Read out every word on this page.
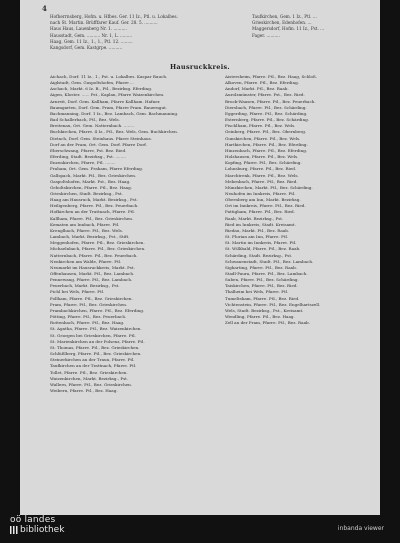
4
Hofherrnsberg, Hofm. u. Hfbes. Ger. 11 Iz., Ptl. u. Lokalbes.
nach St. Martin. Brüfffarer Kauf. Ger. 28. 5. ..........
Haus Haus, Lauenberg Nr. 1. ..........
Hausstadt, Gem. .......... Nr. 1, L. .........
Haag, Gem. 11 Iz., 1., 1., Ptl. 12. .........
Kangsdorf, Gem. Kastgrpe. ..........
Taufkirchen, Gem. 1 Iz., Ptl. ...
Grieskirchen, Edenhofen. ...
Maggersdorf, Hofm. 11 Iz., Pst. ...
Fager. ..........
Hausruckkreis.
Aichach, Dorf. 11 Iz., 1., Pst. u. Lokalbes. Kaspar Rauch.
Aiglstadt, Gem. Gaspoltshofen, Pfarre ...
Aschach, Markt. 6 Iz. B., Ptl., Bezirksg. Eferding.
Aigen, Kloster. ...... Pst., Kaplan, Pfarre Waizenkirchen.
Arnreit, Dorf. Gem. Kallham, Pfarre Kallham. Hafner.
Baumgarten, Dorf. Gem. Pram, Pfarre Pram. Bauerngut.
Bachmanning, Dorf. 1 Iz., Bez. Lambach, Gem. Bachmanning.
Bad Schallerbach, Ptl., Bez. Wels.
Breitenau, Ort. Gem. Natternbach. ........
Buchkirchen, Pfarre. 4 Iz., Ptl., Bez. Wels, Gem. Buchkirchen.
Dietach, Dorf. Gem. Steinhaus. Pfarre Steinhaus.
Dorf an der Pram, Ort. Gem. Dorf. Pfarre Dorf.
Eberschwang, Pfarre, Pst. Bez. Ried.
Eferding, Stadt. Bezirksg., Pst. ........
Enzenkirchen, Pfarre, Ptl. ........
Fraham, Ort. Gem. Fraham, Pfarre Eferding.
Gallspach, Markt. Ptl., Bez. Grieskirchen.
Gaspoltshofen, Markt. Pst., Bez. Haag.
Geboltskirchen, Pfarre. Ptl., Bez. Haag.
Grieskirchen, Stadt. Bezirksg., Pst.
Haag am Hausruck, Markt. Bezirksg., Pst.
Heiligenberg, Pfarre. Ptl., Bez. Peuerbach.
Hofkirchen an der Trattnach, Pfarre. Ptl.
Kallham, Pfarre. Ptl., Bez. Grieskirchen.
Kematen am Innbach, Pfarre. Ptl.
Krenglbach, Pfarre. Ptl., Bez. Wels.
Lambach, Markt. Bezirksg., Pst., Stift.
Meggenhofen, Pfarre. Ptl., Bez. Grieskirchen.
Michaelnbach, Pfarre. Ptl., Bez. Grieskirchen.
Natternbach, Pfarre. Ptl., Bez. Peuerbach.
Neukirchen am Walde, Pfarre. Ptl.
Neumarkt im Hausruckkreis, Markt. Pst.
Offenhausen, Markt. Ptl., Bez. Lambach.
Pennewang, Pfarre. Ptl., Bez. Lambach.
Peuerbach, Markt. Bezirksg., Pst.
Pichl bei Wels, Pfarre. Ptl.
Pollham, Pfarre. Ptl., Bez. Grieskirchen.
Pram, Pfarre. Ptl., Bez. Grieskirchen.
Prambachkirchen, Pfarre. Ptl., Bez. Eferding.
Pötting, Pfarre. Ptl., Bez. Peuerbach.
Rottenbach, Pfarre. Ptl., Bez. Haag.
St. Agatha, Pfarre. Ptl., Bez. Waizenkirchen.
St. Georgen bei Grieskirchen, Pfarre. Ptl.
St. Marienkirchen an der Polsenz, Pfarre. Ptl.
St. Thomas, Pfarre. Ptl., Bez. Grieskirchen.
Schlüßlberg, Pfarre. Ptl., Bez. Grieskirchen.
Steinerkirchen an der Traun, Pfarre. Ptl.
Taufkirchen an der Trattnach, Pfarre. Ptl.
Tollet, Pfarre. Ptl., Bez. Grieskirchen.
Waizenkirchen, Markt. Bezirksg., Pst.
Wallern, Pfarre. Ptl., Bez. Grieskirchen.
Weibern, Pfarre. Ptl., Bez. Haag.
Aistersheim, Pfarre. Ptl., Bez. Haag, Schloß.
Alkoven, Pfarre. Ptl., Bez. Eferding.
Andorf, Markt. Ptl., Bez. Raab.
Aurolzmünster, Pfarre. Pst., Bez. Ried.
Bruck-Waasen, Pfarre. Ptl., Bez. Peuerbach.
Diersbach, Pfarre. Ptl., Bez. Schärding.
Eggerding, Pfarre. Ptl., Bez. Schärding.
Esternberg, Pfarre. Ptl., Bez. Schärding.
Fischlham, Pfarre. Ptl., Bez. Wels.
Geinberg, Pfarre. Ptl., Bez. Obernberg.
Gunskirchen, Pfarre. Ptl., Bez. Wels.
Hartkirchen, Pfarre. Ptl., Bez. Eferding.
Hinzenbach, Pfarre. Ptl., Bez. Eferding.
Holzhausen, Pfarre. Ptl., Bez. Wels.
Kopfing, Pfarre. Ptl., Bez. Schärding.
Lohnsburg, Pfarre. Ptl., Bez. Ried.
Marchtrenk, Pfarre. Ptl., Bez. Wels.
Mehrnbach, Pfarre. Ptl., Bez. Ried.
Münzkirchen, Markt. Ptl., Bez. Schärding.
Neuhofen im Innkreis, Pfarre. Ptl.
Obernberg am Inn, Markt. Bezirksg.
Ort im Innkreis, Pfarre. Ptl., Bez. Ried.
Pattigham, Pfarre. Ptl., Bez. Ried.
Raab, Markt. Bezirksg., Pst.
Ried im Innkreis, Stadt. Kreisamt.
Riedau, Markt. Ptl., Bez. Raab.
St. Florian am Inn, Pfarre. Ptl.
St. Martin im Innkreis, Pfarre. Ptl.
St. Willibald, Pfarre. Ptl., Bez. Raab.
Schärding, Stadt. Bezirksg., Pst.
Schwanenstadt, Stadt. Ptl., Bez. Lambach.
Sigharting, Pfarre. Ptl., Bez. Raab.
Stadl-Paura, Pfarre. Ptl., Bez. Lambach.
Suben, Pfarre. Ptl., Bez. Schärding.
Taiskirchen, Pfarre. Ptl., Bez. Ried.
Thalheim bei Wels, Pfarre. Ptl.
Tumeltsham, Pfarre. Ptl., Bez. Ried.
Vichtenstein, Pfarre. Ptl., Bez. Engelhartszell.
Wels, Stadt. Bezirksg., Pst., Kreisamt.
Wendling, Pfarre. Ptl., Bez. Haag.
Zell an der Pram, Pfarre. Ptl., Bez. Raab.
oö landes
bibliothek	inbanda viewer
